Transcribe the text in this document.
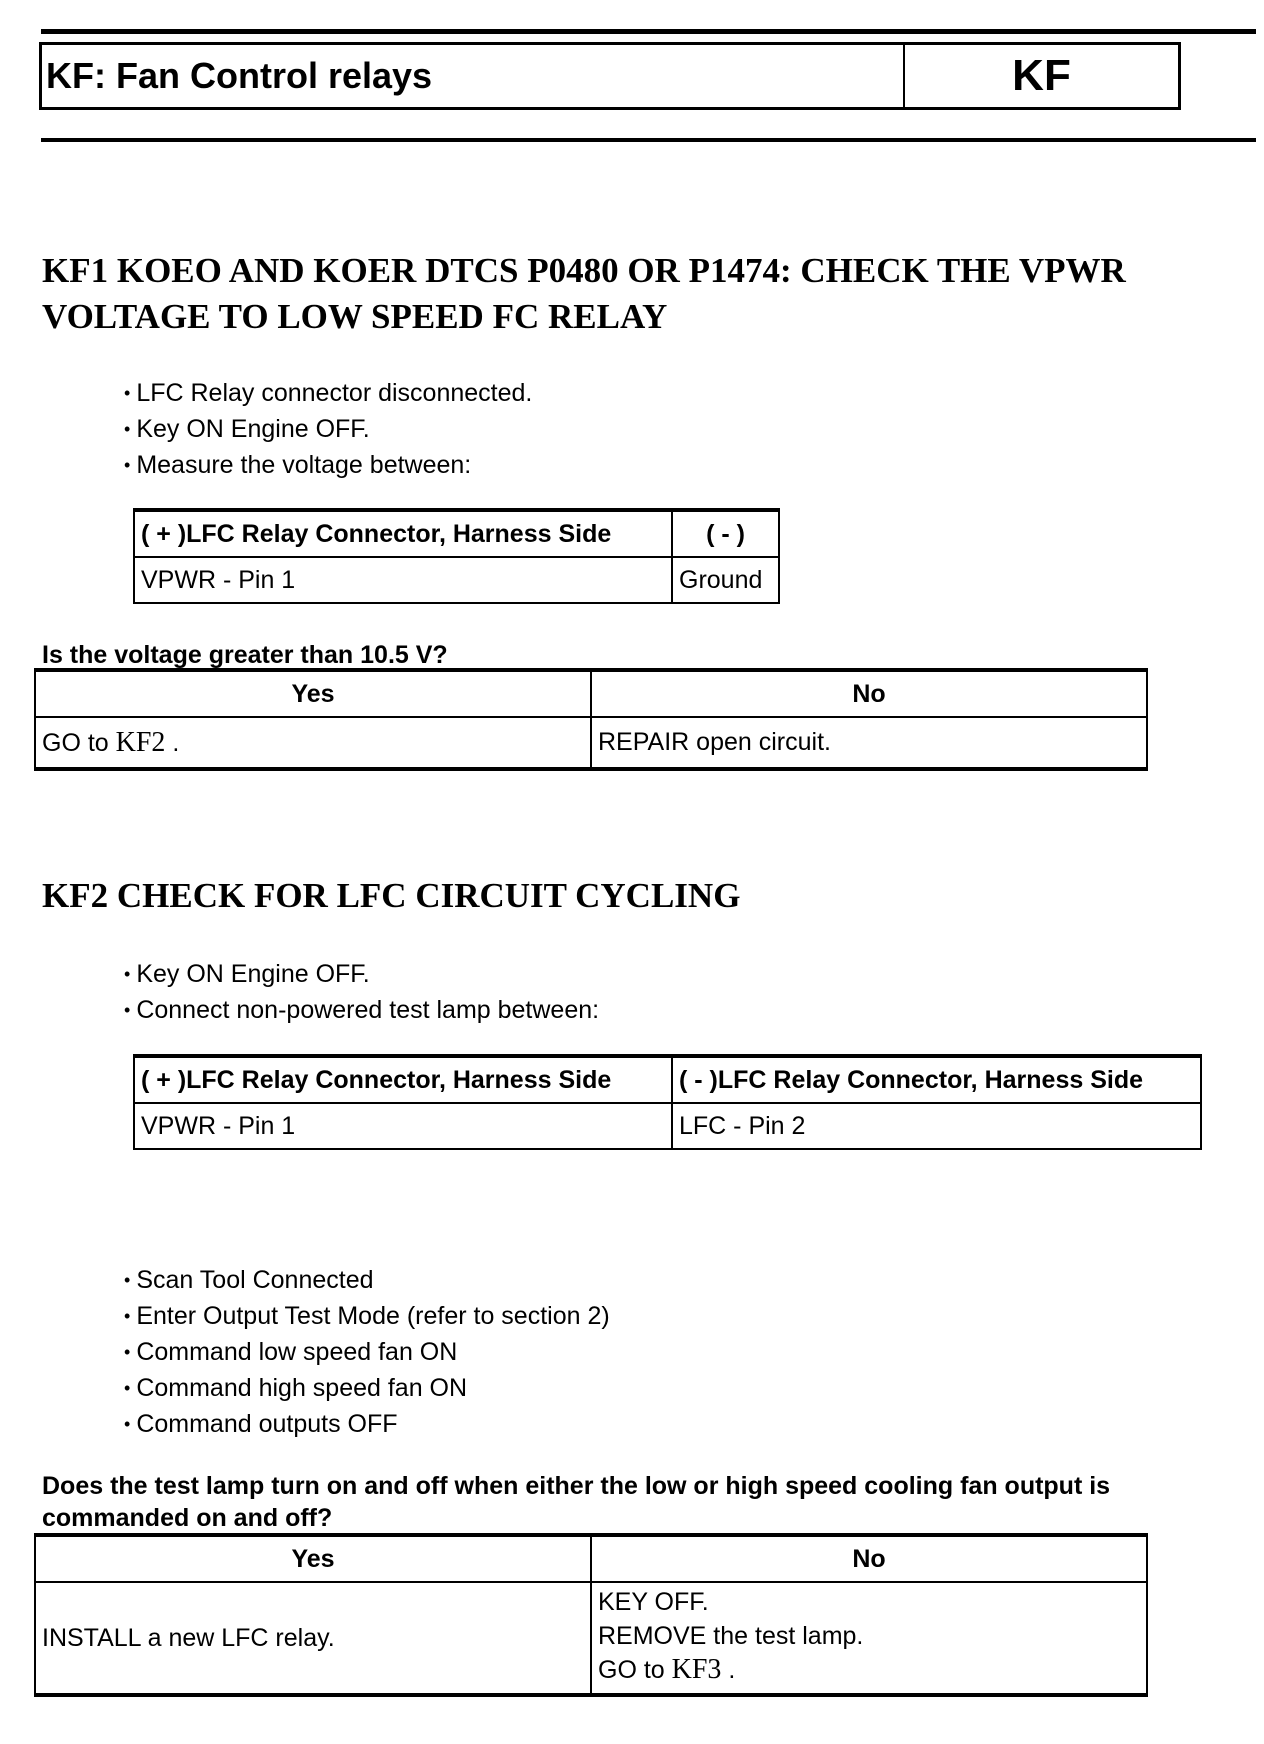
KF: Fan Control relays	KF
KF1 KOEO AND KOER DTCS P0480 OR P1474: CHECK THE VPWR VOLTAGE TO LOW SPEED FC RELAY
• LFC Relay connector disconnected.
• Key ON Engine OFF.
• Measure the voltage between:
( + )LFC Relay Connector, Harness Side	( - )
VPWR - Pin 1	Ground
Is the voltage greater than 10.5 V?
Yes	No
GO to KF2 .	REPAIR open circuit.
KF2 CHECK FOR LFC CIRCUIT CYCLING
• Key ON Engine OFF.
• Connect non-powered test lamp between:
( + )LFC Relay Connector, Harness Side	( - )LFC Relay Connector, Harness Side
VPWR - Pin 1	LFC - Pin 2
• Scan Tool Connected
• Enter Output Test Mode (refer to section 2)
• Command low speed fan ON
• Command high speed fan ON
• Command outputs OFF
Does the test lamp turn on and off when either the low or high speed cooling fan output is commanded on and off?
Yes	No
INSTALL a new LFC relay.	KEY OFF.
REMOVE the test lamp.
GO to KF3 .
